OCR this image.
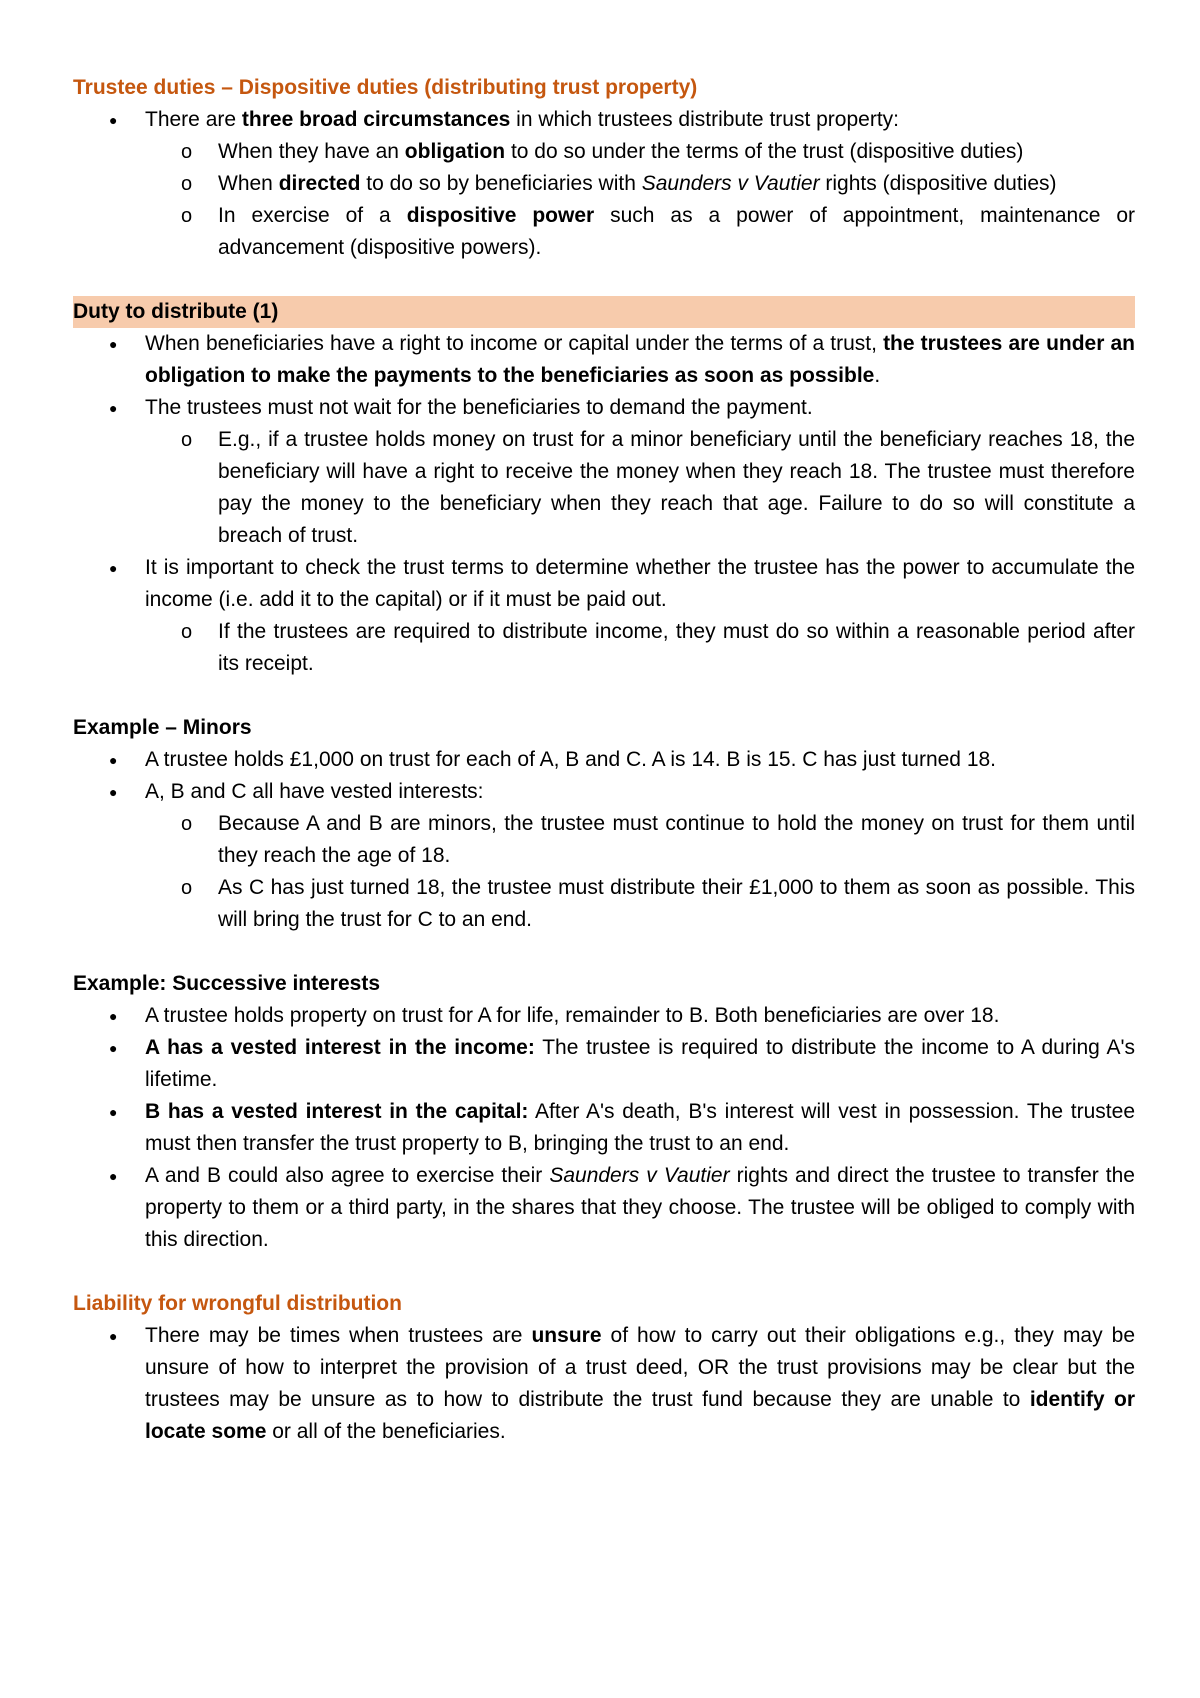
Trustee duties – Dispositive duties (distributing trust property)

● There are three broad circumstances in which trustees distribute trust property:
o When they have an obligation to do so under the terms of the trust (dispositive duties)
o When directed to do so by beneficiaries with Saunders v Vautier rights (dispositive duties)
o In exercise of a dispositive power such as a power of appointment, maintenance or advancement (dispositive powers).

Duty to distribute (1)

● When beneficiaries have a right to income or capital under the terms of a trust, the trustees are under an obligation to make the payments to the beneficiaries as soon as possible.
● The trustees must not wait for the beneficiaries to demand the payment.
o E.g., if a trustee holds money on trust for a minor beneficiary until the beneficiary reaches 18, the beneficiary will have a right to receive the money when they reach 18. The trustee must therefore pay the money to the beneficiary when they reach that age. Failure to do so will constitute a breach of trust.
● It is important to check the trust terms to determine whether the trustee has the power to accumulate the income (i.e. add it to the capital) or if it must be paid out.
o If the trustees are required to distribute income, they must do so within a reasonable period after its receipt.

Example – Minors

● A trustee holds £1,000 on trust for each of A, B and C. A is 14. B is 15. C has just turned 18.
● A, B and C all have vested interests:
o Because A and B are minors, the trustee must continue to hold the money on trust for them until they reach the age of 18.
o As C has just turned 18, the trustee must distribute their £1,000 to them as soon as possible. This will bring the trust for C to an end.

Example: Successive interests

● A trustee holds property on trust for A for life, remainder to B. Both beneficiaries are over 18.
● A has a vested interest in the income: The trustee is required to distribute the income to A during A's lifetime.
● B has a vested interest in the capital: After A's death, B's interest will vest in possession. The trustee must then transfer the trust property to B, bringing the trust to an end.
● A and B could also agree to exercise their Saunders v Vautier rights and direct the trustee to transfer the property to them or a third party, in the shares that they choose. The trustee will be obliged to comply with this direction.

Liability for wrongful distribution

● There may be times when trustees are unsure of how to carry out their obligations e.g., they may be unsure of how to interpret the provision of a trust deed, OR the trust provisions may be clear but the trustees may be unsure as to how to distribute the trust fund because they are unable to identify or locate some or all of the beneficiaries.
